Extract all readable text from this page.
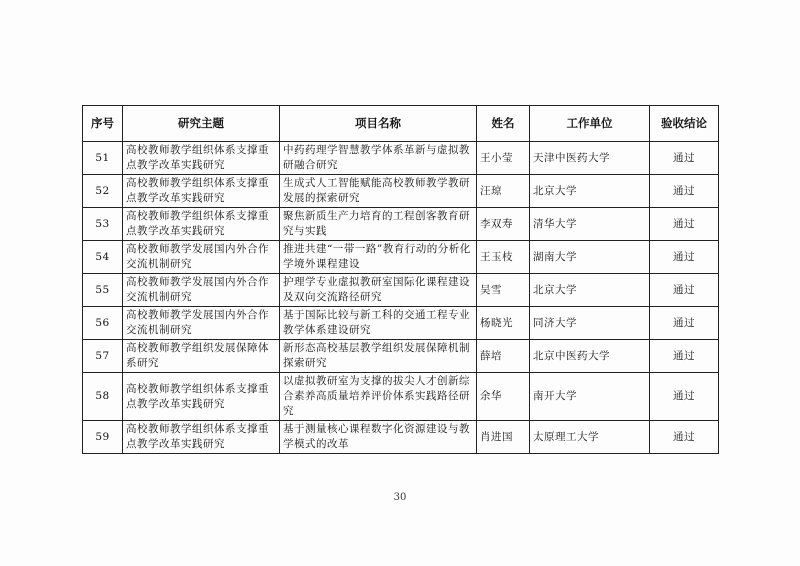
序号	研究主题	项目名称	姓名	工作单位	验收结论
51	高校教师教学组织体系支撑重点教学改革实践研究	中药药理学智慧教学体系革新与虚拟教研融合研究	王小莹	天津中医药大学	通过
52	高校教师教学组织体系支撑重点教学改革实践研究	生成式人工智能赋能高校教师教学教研发展的探索研究	汪琼	北京大学	通过
53	高校教师教学组织体系支撑重点教学改革实践研究	聚焦新质生产力培育的工程创客教育研究与实践	李双寿	清华大学	通过
54	高校教师教学发展国内外合作交流机制研究	推进共建“一带一路”教育行动的分析化学境外课程建设	王玉枝	湖南大学	通过
55	高校教师教学发展国内外合作交流机制研究	护理学专业虚拟教研室国际化课程建设及双向交流路径研究	吴雪	北京大学	通过
56	高校教师教学发展国内外合作交流机制研究	基于国际比较与新工科的交通工程专业教学体系建设研究	杨晓光	同济大学	通过
57	高校教师教学组织发展保障体系研究	新形态高校基层教学组织发展保障机制探索研究	薛培	北京中医药大学	通过
58	高校教师教学组织体系支撑重点教学改革实践研究	以虚拟教研室为支撑的拔尖人才创新综合素养高质量培养评价体系实践路径研究	余华	南开大学	通过
59	高校教师教学组织体系支撑重点教学改革实践研究	基于测量核心课程数字化资源建设与教学模式的改革	肖进国	太原理工大学	通过
30
